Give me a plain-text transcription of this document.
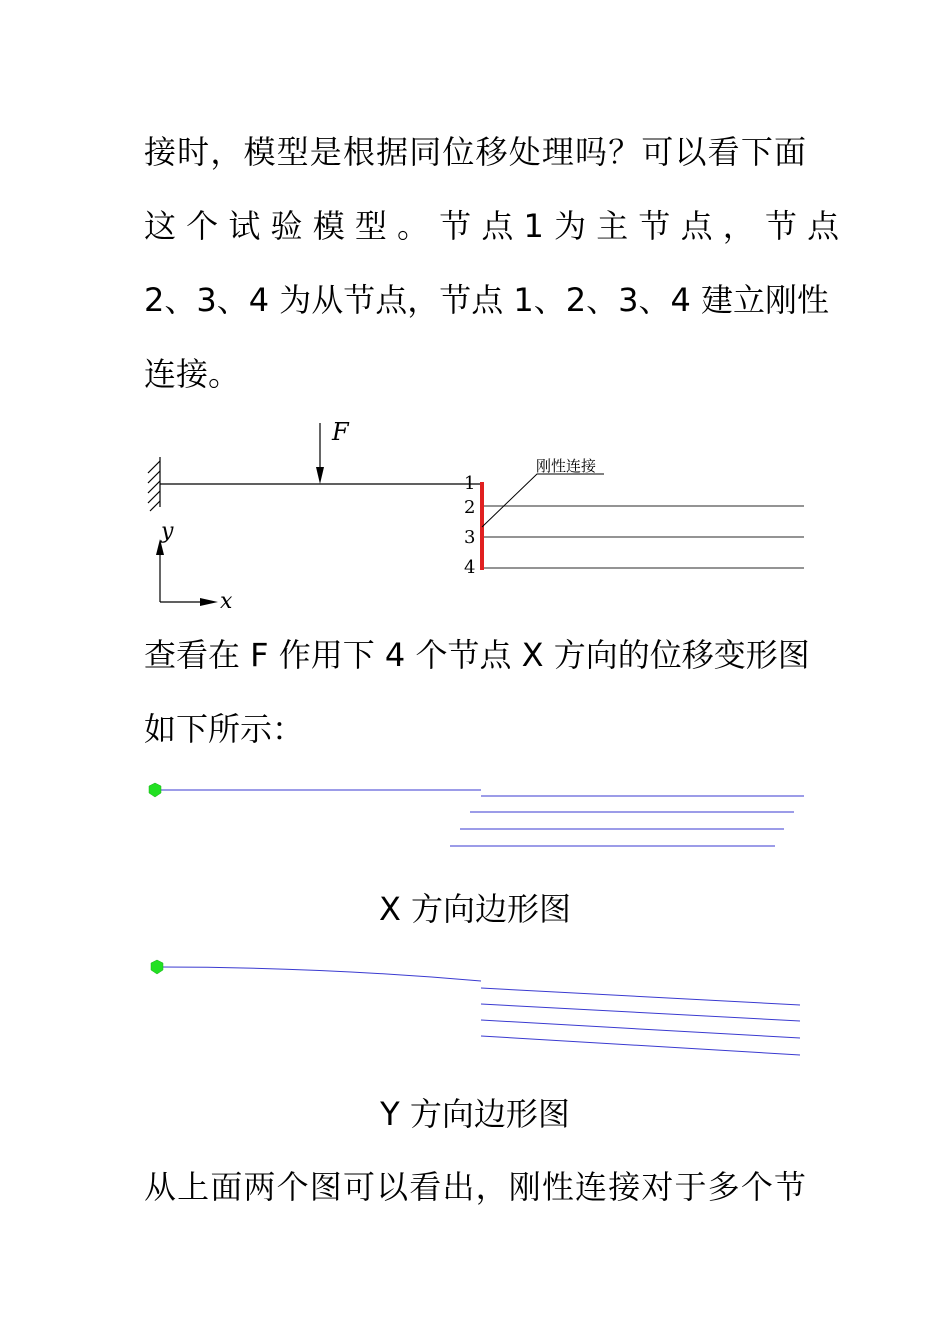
接时，模型是根据同位移处理吗？可以看下面
这 个 试 验 模 型 。 节 点 1 为 主 节 点 ， 节 点
2、3、4 为从节点，节点 1、2、3、4 建立刚性
连接。
F
刚性连接
1
2
3
4
y
x
查看在 F 作用下 4 个节点 X 方向的位移变形图
如下所示：
X 方向边形图
Y 方向边形图
从上面两个图可以看出，刚性连接对于多个节
